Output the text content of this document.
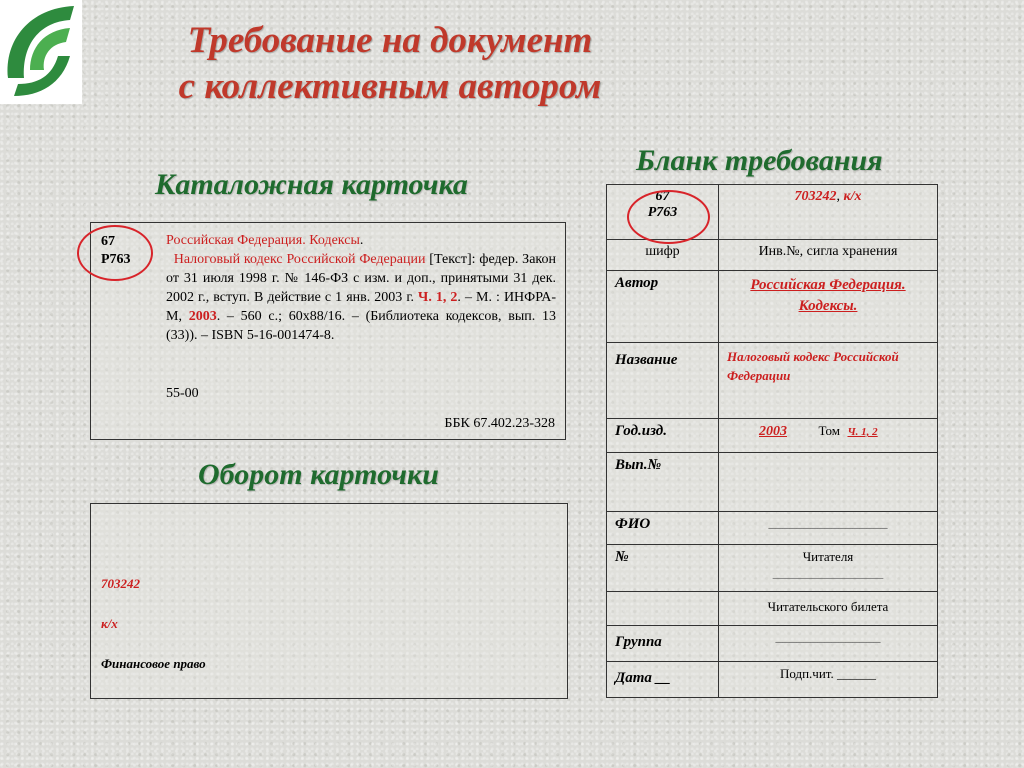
Требование на документ
с коллективным автором
Каталожная карточка
Оборот карточки
Бланк требования
67
Р763
Российская Федерация. Кодексы.
Налоговый кодекс Российской Федерации [Текст]: федер. Закон от 31 июля 1998 г. № 146-ФЗ с изм. и доп., принятыми 31 дек. 2002 г., вступ. В действие с 1 янв. 2003 г. Ч. 1, 2. – М. : ИНФРА-М, 2003. – 560 с.; 60х88/16. – (Библиотека кодексов, вып. 13 (33)). – ISBN 5-16-001474-8.
55-00
ББК 67.402.23-328
703242
к/х
Финансовое право
67
Р763	703242, к/х
шифр	Инв.№, сигла хранения
Автор	Российская Федерация. Кодексы.
Название	Налоговый кодекс Российской Федерации
Год.изд.	2003 Том Ч. 1, 2
Вып.№	
ФИО	_________________
№	Читателя
_________________

	Читательского билета
Группа	_______________
Дата __	Подп.чит. ______
